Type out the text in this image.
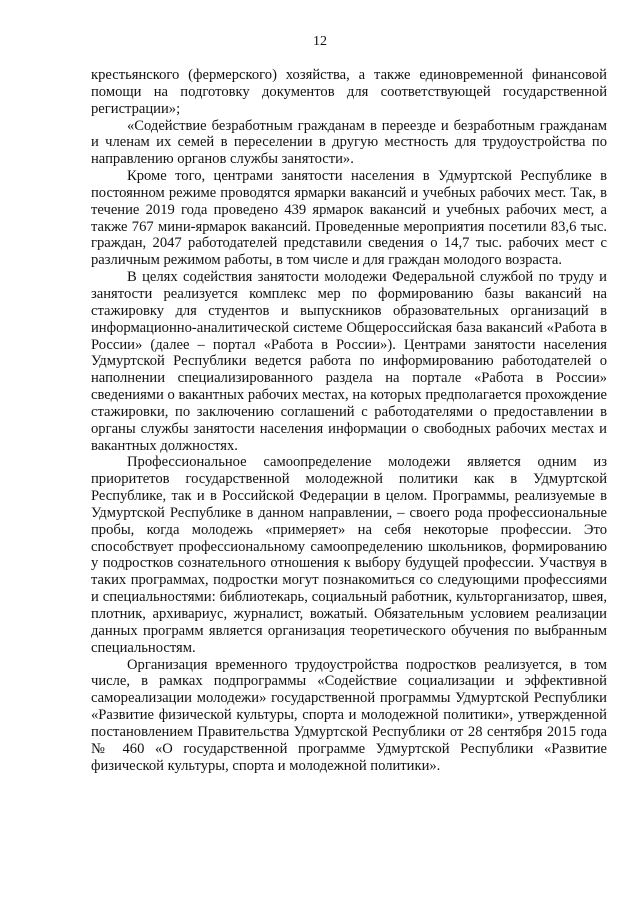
12

крестьянского (фермерского) хозяйства, а также единовременной финансовой помощи на подготовку документов для соответствующей государственной регистрации»;

«Содействие безработным гражданам в переезде и безработным гражданам и членам их семей в переселении в другую местность для трудоустройства по направлению органов службы занятости».

Кроме того, центрами занятости населения в Удмуртской Республике в постоянном режиме проводятся ярмарки вакансий и учебных рабочих мест. Так, в течение 2019 года проведено 439 ярмарок вакансий и учебных рабочих мест, а также 767 мини-ярмарок вакансий. Проведенные мероприятия посетили 83,6 тыс. граждан, 2047 работодателей представили сведения о 14,7 тыс. рабочих мест с различным режимом работы, в том числе и для граждан молодого возраста.

В целях содействия занятости молодежи Федеральной службой по труду и занятости реализуется комплекс мер по формированию базы вакансий на стажировку для студентов и выпускников образовательных организаций в информационно-аналитической системе Общероссийская база вакансий «Работа в России» (далее – портал «Работа в России»). Центрами занятости населения Удмуртской Республики ведется работа по информированию работодателей о наполнении специализированного раздела на портале «Работа в России» сведениями о вакантных рабочих местах, на которых предполагается прохождение стажировки, по заключению соглашений с работодателями о предоставлении в органы службы занятости населения информации о свободных рабочих местах и вакантных должностях.

Профессиональное самоопределение молодежи является одним из приоритетов государственной молодежной политики как в Удмуртской Республике, так и в Российской Федерации в целом. Программы, реализуемые в Удмуртской Республике в данном направлении, – своего рода профессиональные пробы, когда молодежь «примеряет» на себя некоторые профессии. Это способствует профессиональному самоопределению школьников, формированию у подростков сознательного отношения к выбору будущей профессии. Участвуя в таких программах, подростки могут познакомиться со следующими профессиями и специальностями: библиотекарь, социальный работник, культорганизатор, швея, плотник, архивариус, журналист, вожатый. Обязательным условием реализации данных программ является организация теоретического обучения по выбранным специальностям.

Организация временного трудоустройства подростков реализуется, в том числе, в рамках подпрограммы «Содействие социализации и эффективной самореализации молодежи» государственной программы Удмуртской Республики «Развитие физической культуры, спорта и молодежной политики», утвержденной постановлением Правительства Удмуртской Республики от 28 сентября 2015 года № 460 «О государственной программе Удмуртской Республики «Развитие физической культуры, спорта и молодежной политики».
